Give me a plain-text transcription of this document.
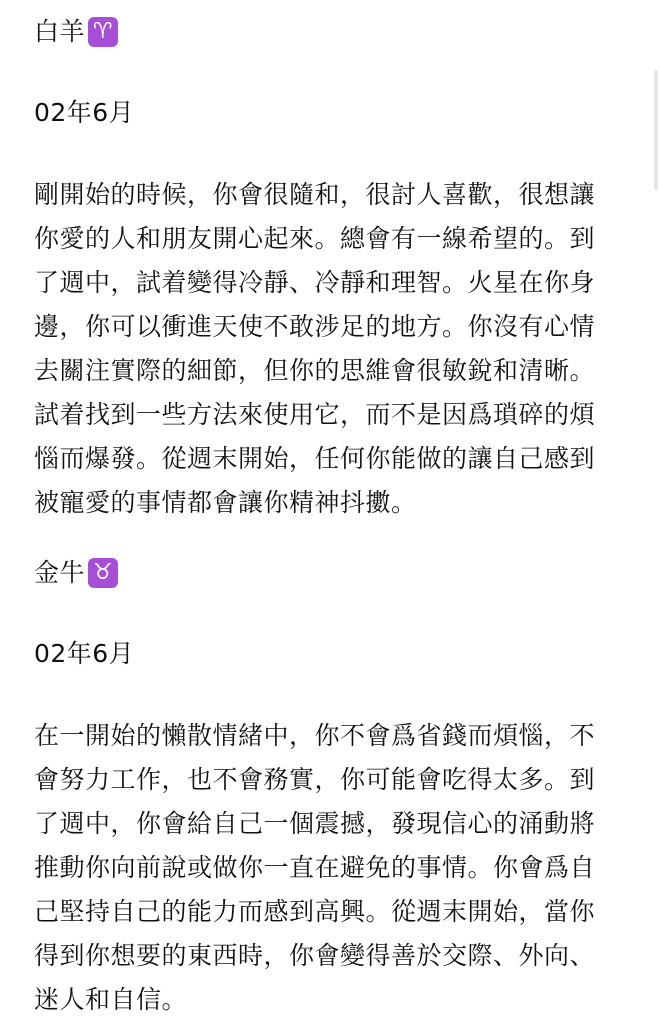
白羊 ♈
02年6月
剛開始的時候，你會很隨和，很討人喜歡，很想讓
你愛的人和朋友開心起來。總會有一線希望的。到
了週中，試着變得冷靜、冷靜和理智。火星在你身
邊，你可以衝進天使不敢涉足的地方。你沒有心情
去關注實際的細節，但你的思維會很敏銳和清晰。
試着找到一些方法來使用它，而不是因爲瑣碎的煩
惱而爆發。從週末開始，任何你能做的讓自己感到
被寵愛的事情都會讓你精神抖擻。
金牛 ♉
02年6月
在一開始的懶散情緒中，你不會爲省錢而煩惱，不
會努力工作，也不會務實，你可能會吃得太多。到
了週中，你會給自己一個震撼，發現信心的涌動將
推動你向前說或做你一直在避免的事情。你會爲自
己堅持自己的能力而感到高興。從週末開始，當你
得到你想要的東西時，你會變得善於交際、外向、
迷人和自信。
